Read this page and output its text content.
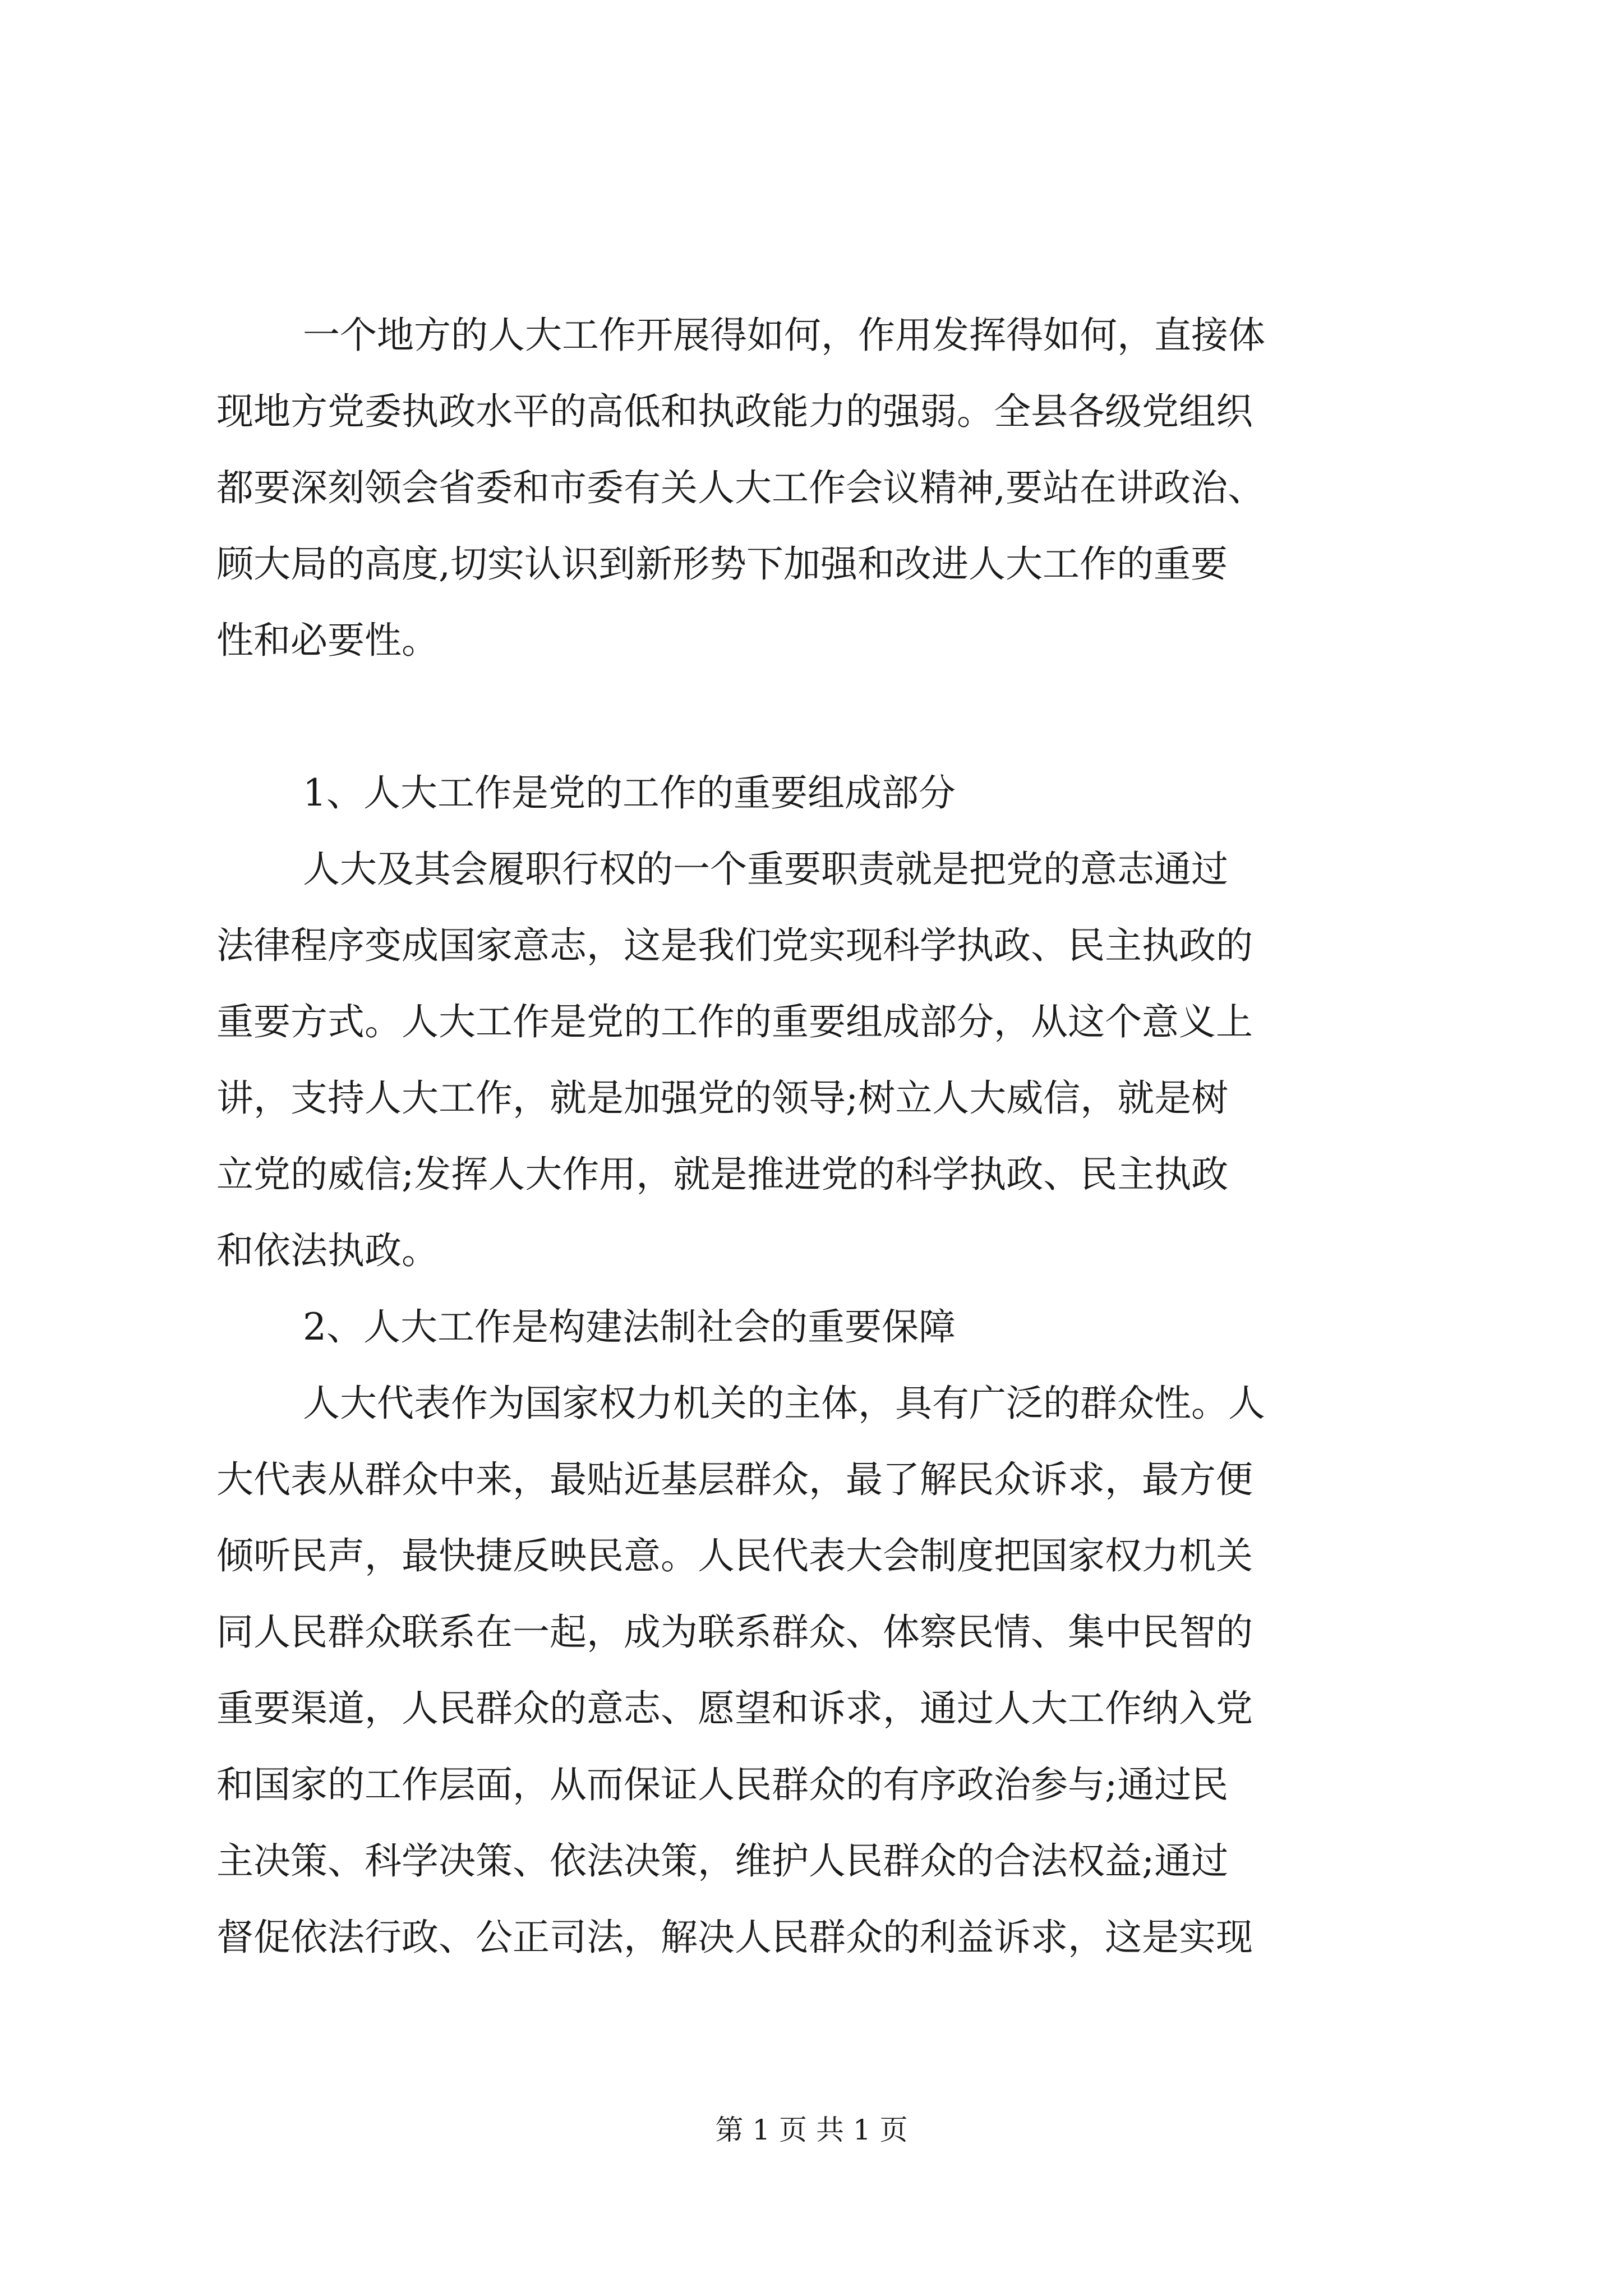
一个地方的人大工作开展得如何，作用发挥得如何，直接体
现地方党委执政水平的高低和执政能力的强弱。全县各级党组织
都要深刻领会省委和市委有关人大工作会议精神,要站在讲政治、
顾大局的高度,切实认识到新形势下加强和改进人大工作的重要
性和必要性。
1、人大工作是党的工作的重要组成部分
人大及其会履职行权的一个重要职责就是把党的意志通过
法律程序变成国家意志，这是我们党实现科学执政、民主执政的
重要方式。人大工作是党的工作的重要组成部分，从这个意义上
讲，支持人大工作，就是加强党的领导;树立人大威信，就是树
立党的威信;发挥人大作用，就是推进党的科学执政、民主执政
和依法执政。
2、人大工作是构建法制社会的重要保障
人大代表作为国家权力机关的主体，具有广泛的群众性。人
大代表从群众中来，最贴近基层群众，最了解民众诉求，最方便
倾听民声，最快捷反映民意。人民代表大会制度把国家权力机关
同人民群众联系在一起，成为联系群众、体察民情、集中民智的
重要渠道，人民群众的意志、愿望和诉求，通过人大工作纳入党
和国家的工作层面，从而保证人民群众的有序政治参与;通过民
主决策、科学决策、依法决策，维护人民群众的合法权益;通过
督促依法行政、公正司法，解决人民群众的利益诉求，这是实现
第 1 页 共 1 页
